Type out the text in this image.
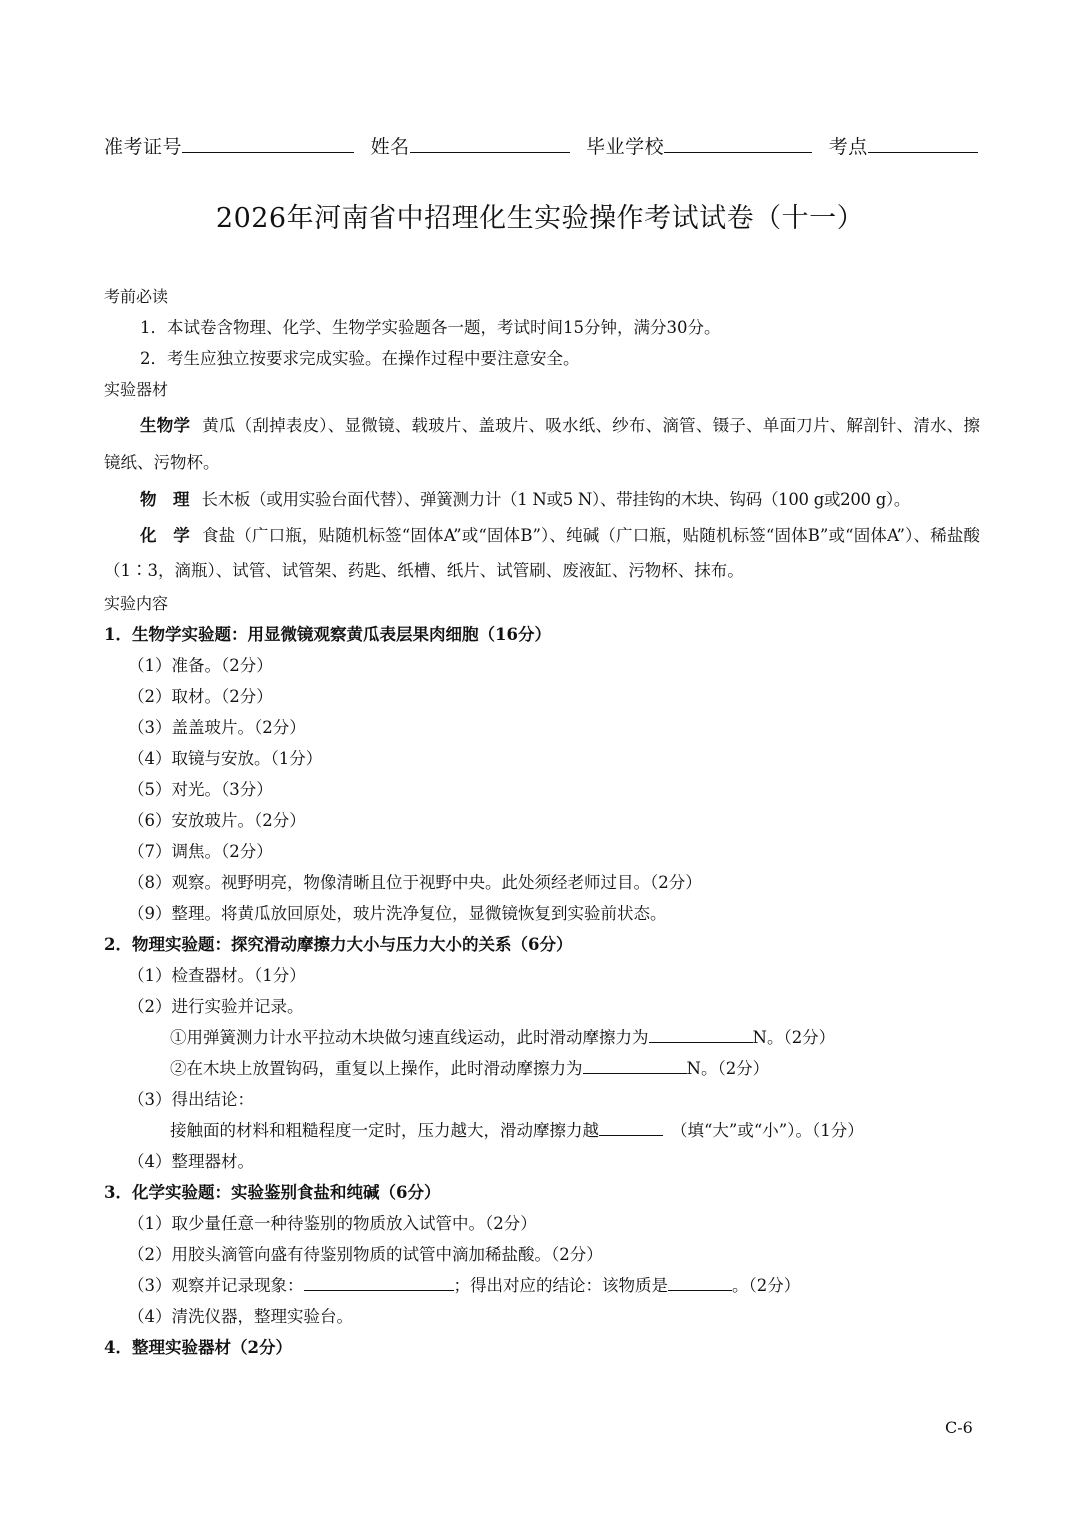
准考证号	姓名	毕业学校	考点
2026年河南省中招理化生实验操作考试试卷（十一）
考前必读
1．本试卷含物理、化学、生物学实验题各一题，考试时间15分钟，满分30分。
2．考生应独立按要求完成实验。在操作过程中要注意安全。
实验器材
生物学 黄瓜（刮掉表皮）、显微镜、载玻片、盖玻片、吸水纸、纱布、滴管、镊子、单面刀片、解剖针、清水、擦镜纸、污物杯。
物　理 长木板（或用实验台面代替）、弹簧测力计（1 N或5 N）、带挂钩的木块、钩码（100 g或200 g）。
化　学 食盐（广口瓶，贴随机标签“固体A”或“固体B”）、纯碱（广口瓶，贴随机标签“固体B”或“固体A”）、稀盐酸（1∶3，滴瓶）、试管、试管架、药匙、纸槽、纸片、试管刷、废液缸、污物杯、抹布。
实验内容
1．生物学实验题：用显微镜观察黄瓜表层果肉细胞（16分）
（1）准备。（2分）
（2）取材。（2分）
（3）盖盖玻片。（2分）
（4）取镜与安放。（1分）
（5）对光。（3分）
（6）安放玻片。（2分）
（7）调焦。（2分）
（8）观察。视野明亮，物像清晰且位于视野中央。此处须经老师过目。（2分）
（9）整理。将黄瓜放回原处，玻片洗净复位，显微镜恢复到实验前状态。
2．物理实验题：探究滑动摩擦力大小与压力大小的关系（6分）
（1）检查器材。（1分）
（2）进行实验并记录。
①用弹簧测力计水平拉动木块做匀速直线运动，此时滑动摩擦力为	N。（2分）
②在木块上放置钩码，重复以上操作，此时滑动摩擦力为	N。（2分）
（3）得出结论：
接触面的材料和粗糙程度一定时，压力越大，滑动摩擦力越	（填“大”或“小”）。（1分）
（4）整理器材。
3．化学实验题：实验鉴别食盐和纯碱（6分）
（1）取少量任意一种待鉴别的物质放入试管中。（2分）
（2）用胶头滴管向盛有待鉴别物质的试管中滴加稀盐酸。（2分）
（3）观察并记录现象：	；得出对应的结论：该物质是	。（2分）
（4）清洗仪器，整理实验台。
4．整理实验器材（2分）
C-6
